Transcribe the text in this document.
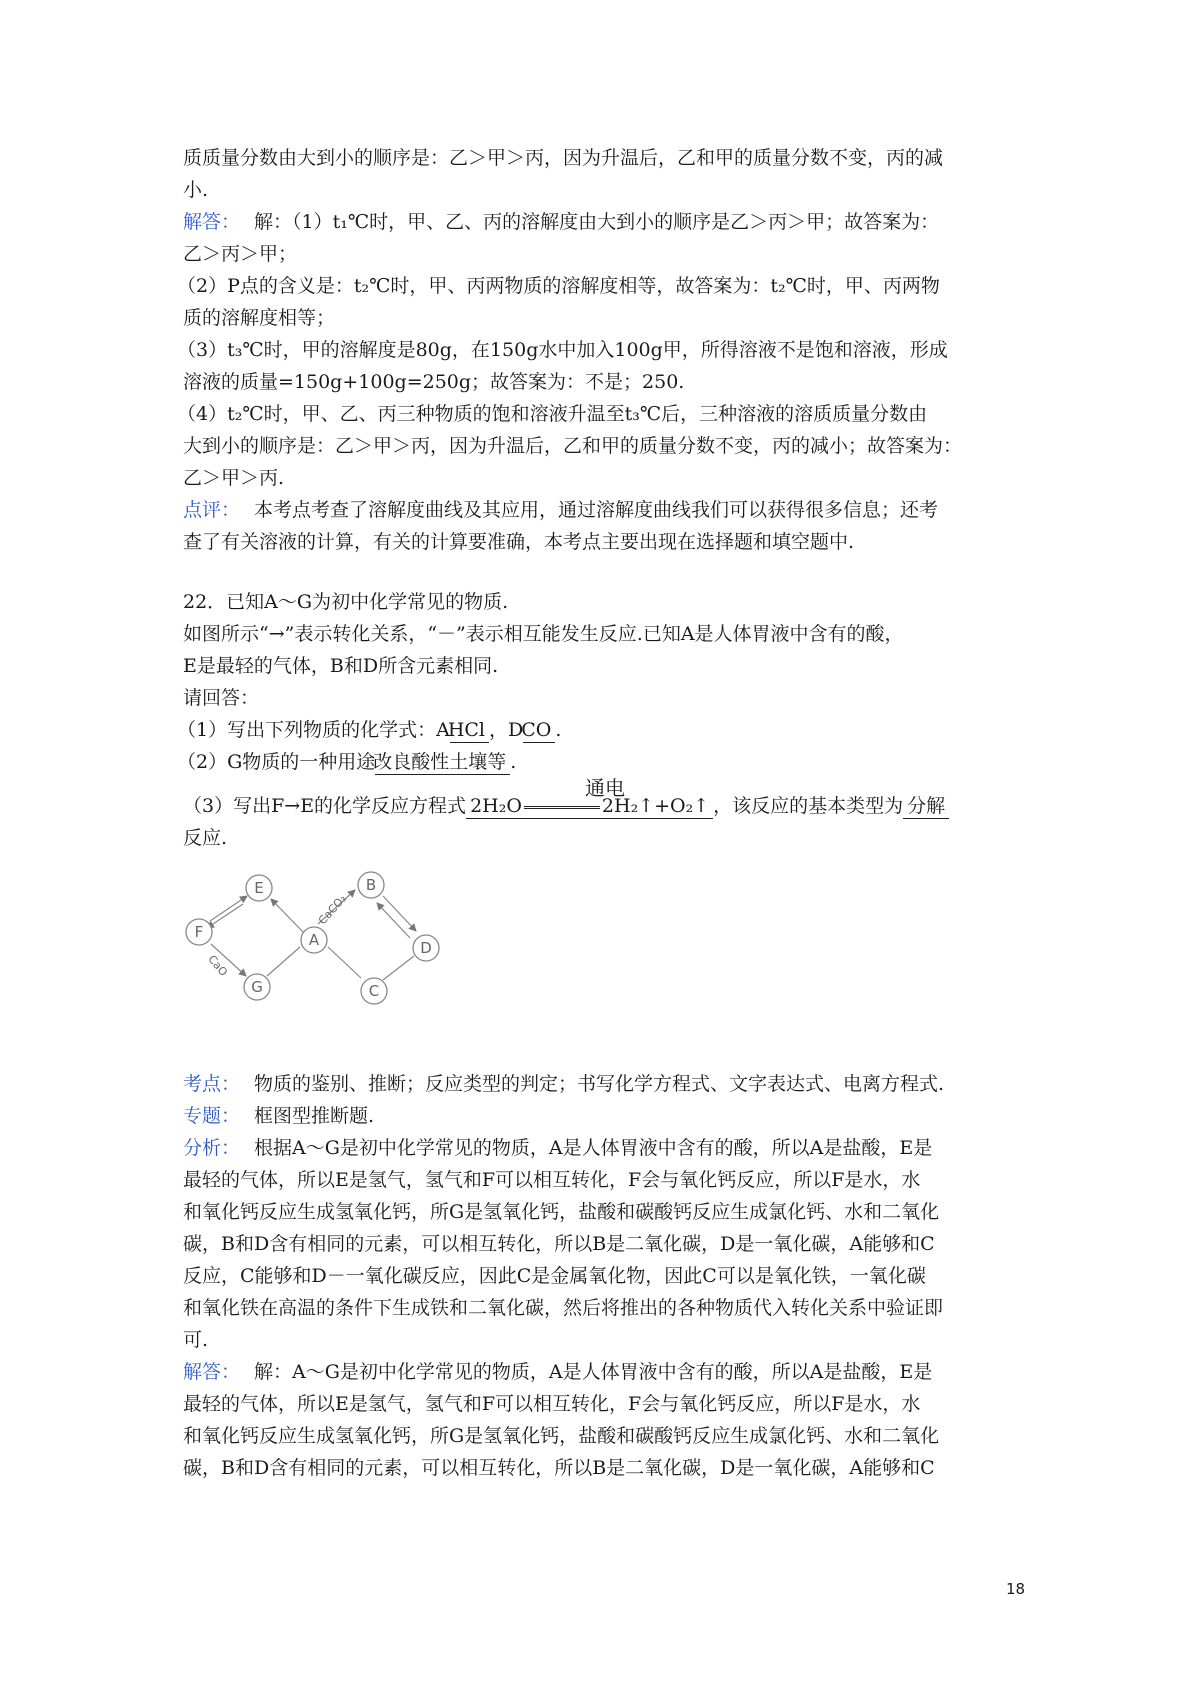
质质量分数由大到小的顺序是：乙＞甲＞丙，因为升温后，乙和甲的质量分数不变，丙的减

小.

解答： 解：（1）t₁℃时，甲、乙、丙的溶解度由大到小的顺序是乙＞丙＞甲；故答案为：

乙＞丙＞甲；

（2）P点的含义是：t₂℃时，甲、丙两物质的溶解度相等，故答案为：t₂℃时，甲、丙两物

质的溶解度相等；

（3）t₃℃时，甲的溶解度是80g，在150g水中加入100g甲，所得溶液不是饱和溶液，形成

溶液的质量=150g+100g=250g；故答案为：不是；250.

（4）t₂℃时，甲、乙、丙三种物质的饱和溶液升温至t₃℃后，三种溶液的溶质质量分数由

大到小的顺序是：乙＞甲＞丙，因为升温后，乙和甲的质量分数不变，丙的减小；故答案为：

乙＞甲＞丙.

点评： 本考点考查了溶解度曲线及其应用，通过溶解度曲线我们可以获得很多信息；还考

查了有关溶液的计算，有关的计算要准确，本考点主要出现在选择题和填空题中.

22．已知A～G为初中化学常见的物质.

如图所示“→”表示转化关系，“－”表示相互能发生反应.已知A是人体胃液中含有的酸，

E是最轻的气体，B和D所含元素相同.

请回答：

（1）写出下列物质的化学式：AHCl ，DCO .

（2）G物质的一种用途改良酸性土壤等 .

通电
（3）写出F→E的化学反应方程式 2H₂O	2H₂↑+O₂↑ ，该反应的基本类型为 分解

反应.

E	B
F	A	D
G	C
CaCO₃
CaO

考点： 物质的鉴别、推断；反应类型的判定；书写化学方程式、文字表达式、电离方程式.

专题： 框图型推断题.

分析： 根据A～G是初中化学常见的物质，A是人体胃液中含有的酸，所以A是盐酸，E是

最轻的气体，所以E是氢气，氢气和F可以相互转化，F会与氧化钙反应，所以F是水，水

和氧化钙反应生成氢氧化钙，所G是氢氧化钙，盐酸和碳酸钙反应生成氯化钙、水和二氧化

碳，B和D含有相同的元素，可以相互转化，所以B是二氧化碳，D是一氧化碳，A能够和C

反应，C能够和D－一氧化碳反应，因此C是金属氧化物，因此C可以是氧化铁，一氧化碳

和氧化铁在高温的条件下生成铁和二氧化碳，然后将推出的各种物质代入转化关系中验证即

可.

解答： 解：A～G是初中化学常见的物质，A是人体胃液中含有的酸，所以A是盐酸，E是

最轻的气体，所以E是氢气，氢气和F可以相互转化，F会与氧化钙反应，所以F是水，水

和氧化钙反应生成氢氧化钙，所G是氢氧化钙，盐酸和碳酸钙反应生成氯化钙、水和二氧化

碳，B和D含有相同的元素，可以相互转化，所以B是二氧化碳，D是一氧化碳，A能够和C

18
